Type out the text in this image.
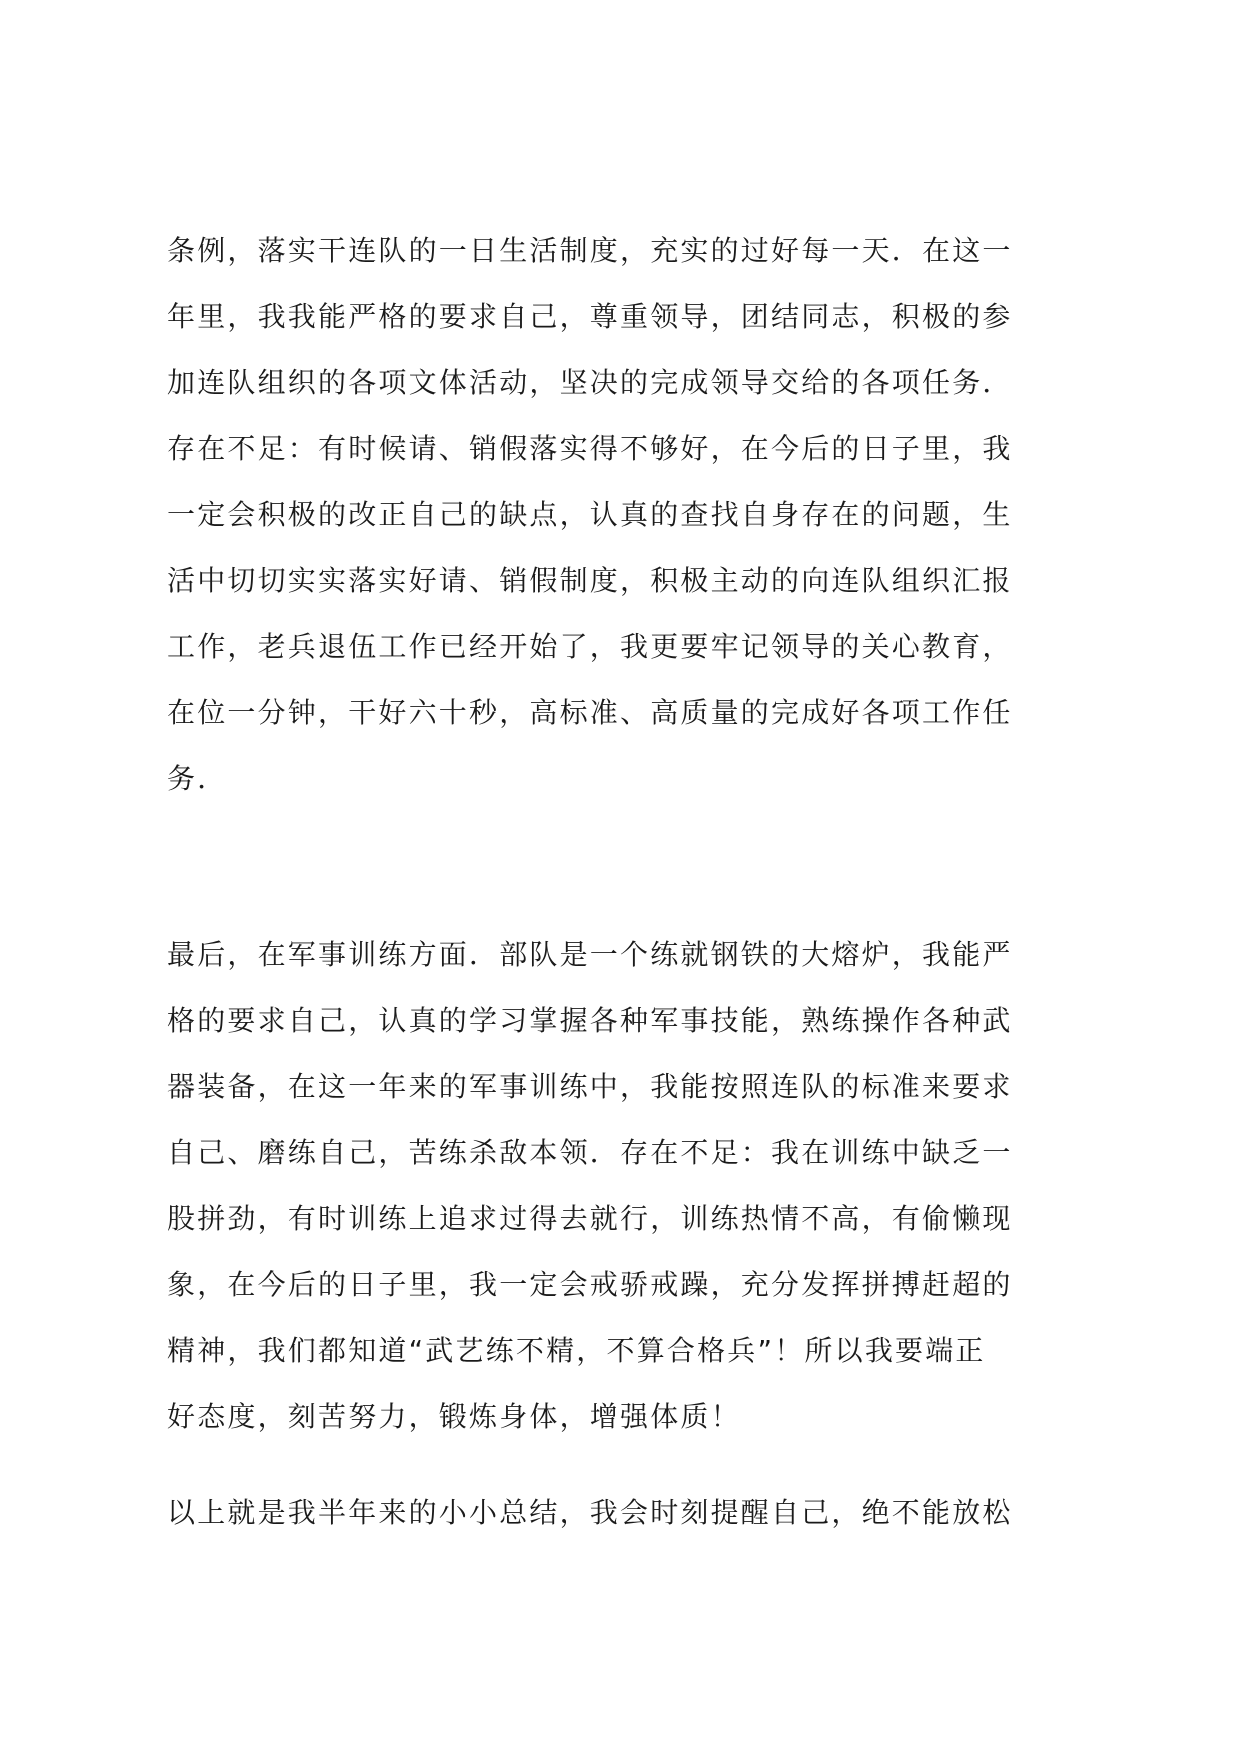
条例，落实干连队的一日生活制度，充实的过好每一天．在这一
年里，我我能严格的要求自己，尊重领导，团结同志，积极的参
加连队组织的各项文体活动，坚决的完成领导交给的各项任务．
存在不足：有时候请、销假落实得不够好，在今后的日子里，我
一定会积极的改正自己的缺点，认真的查找自身存在的问题，生
活中切切实实落实好请、销假制度，积极主动的向连队组织汇报
工作，老兵退伍工作已经开始了，我更要牢记领导的关心教育，
在位一分钟，干好六十秒，高标准、高质量的完成好各项工作任
务．
最后，在军事训练方面．部队是一个练就钢铁的大熔炉，我能严
格的要求自己，认真的学习掌握各种军事技能，熟练操作各种武
器装备，在这一年来的军事训练中，我能按照连队的标准来要求
自己、磨练自己，苦练杀敌本领．存在不足：我在训练中缺乏一
股拼劲，有时训练上追求过得去就行，训练热情不高，有偷懒现
象，在今后的日子里，我一定会戒骄戒躁，充分发挥拼搏赶超的
精神，我们都知道“武艺练不精，不算合格兵”！所以我要端正
好态度，刻苦努力，锻炼身体，增强体质！
以上就是我半年来的小小总结，我会时刻提醒自己，绝不能放松
